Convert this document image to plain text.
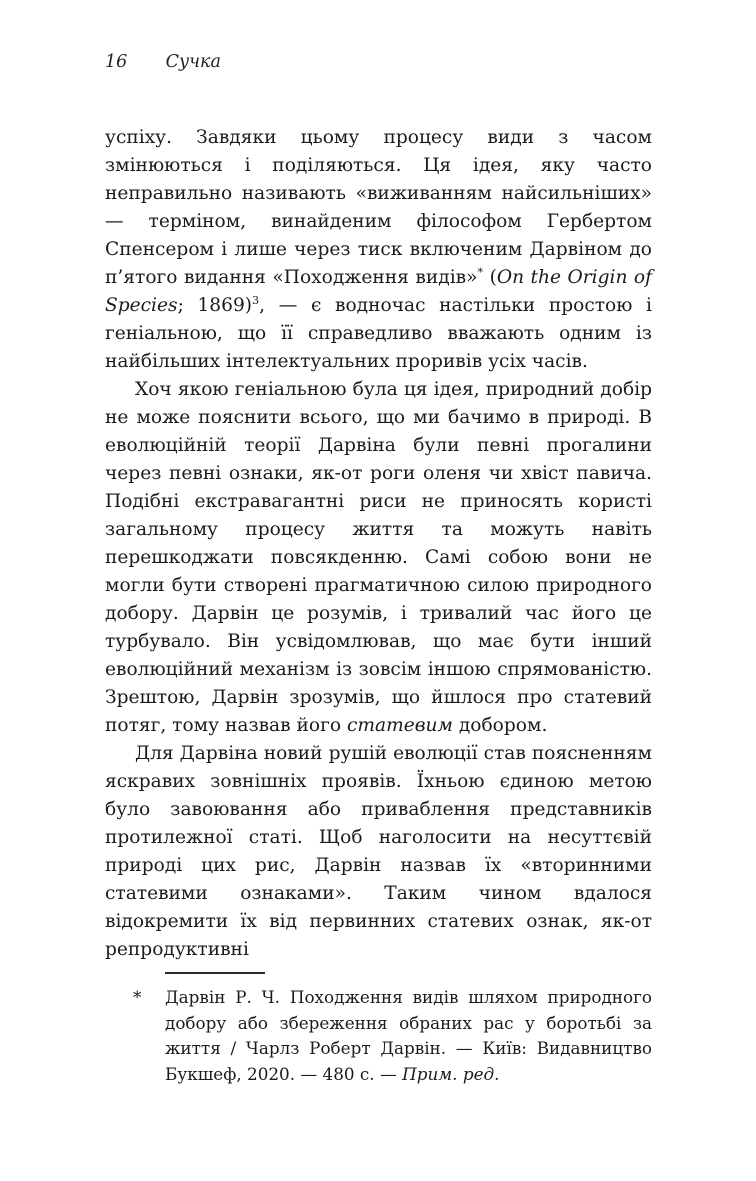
16 Сучка

успіху. Завдяки цьому процесу види з часом змінюються і поділяються. Ця ідея, яку часто неправильно називають «виживанням найсильніших» — терміном, винайденим філософом Гербертом Спенсером і лише через тиск включеним Дарвіном до п’ятого видання «Походження видів»* (On the Origin of Species; 1869)$^3$, — є водночас настільки простою і геніальною, що її справедливо вважають одним із найбільших інтелектуальних проривів усіх часів.

Хоч якою геніальною була ця ідея, природний добір не може пояснити всього, що ми бачимо в природі. В еволюційній теорії Дарвіна були певні прогалини через певні ознаки, як-от роги оленя чи хвіст павича. Подібні екстравагантні риси не приносять користі загальному процесу життя та можуть навіть перешкоджати повсякденню. Самі собою вони не могли бути створені прагматичною силою природного добору. Дарвін це розумів, і тривалий час його це турбувало. Він усвідомлював, що має бути інший еволюційний механізм із зовсім іншою спрямованістю. Зрештою, Дарвін зрозумів, що йшлося про статевий потяг, тому назвав його статевим добором.

Для Дарвіна новий рушій еволюції став поясненням яскравих зовнішніх проявів. Їхньою єдиною метою було завоювання або приваблення представників протилежної статі. Щоб наголосити на несуттєвій природі цих рис, Дарвін назвав їх «вторинними статевими ознаками». Таким чином вдалося відокремити їх від первинних статевих ознак, як-от репродуктивні

*	Дарвін Р. Ч. Походження видів шляхом природного добору або збереження обраних рас у боротьбі за життя / Чарлз Роберт Дарвін. — Київ: Видавництво Букшеф, 2020. — 480 с. — Прим. ред.
